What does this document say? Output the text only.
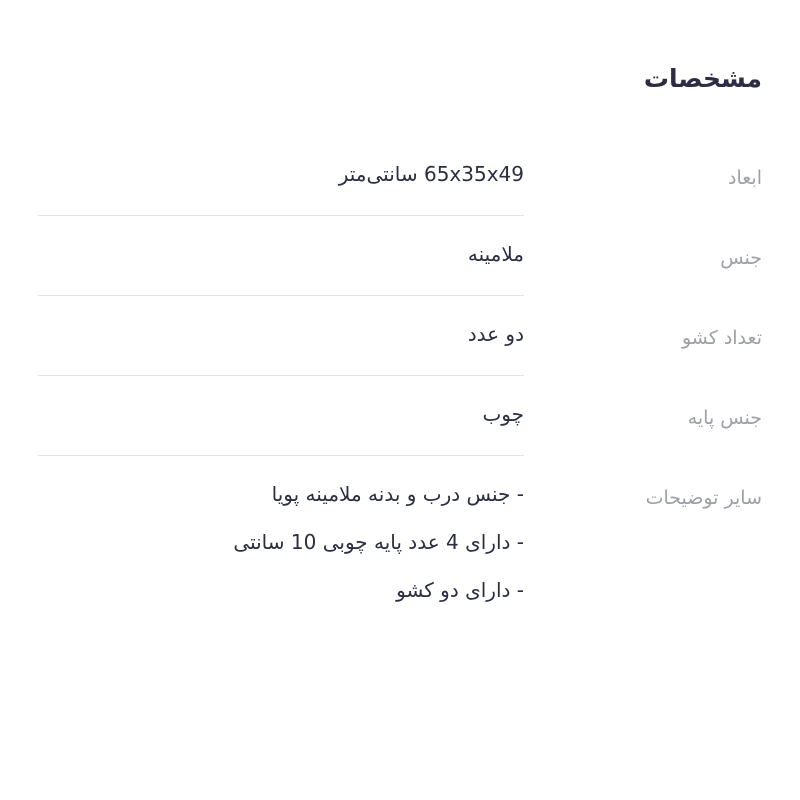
مشخصات
ابعاد
65x35x49 سانتی‌متر
جنس
ملامینه
تعداد کشو
دو عدد
جنس پایه
چوب
سایر توضیحات
- جنس درب و بدنه ملامینه پویا
- دارای 4 عدد پایه چوبی 10 سانتی
- دارای دو کشو
